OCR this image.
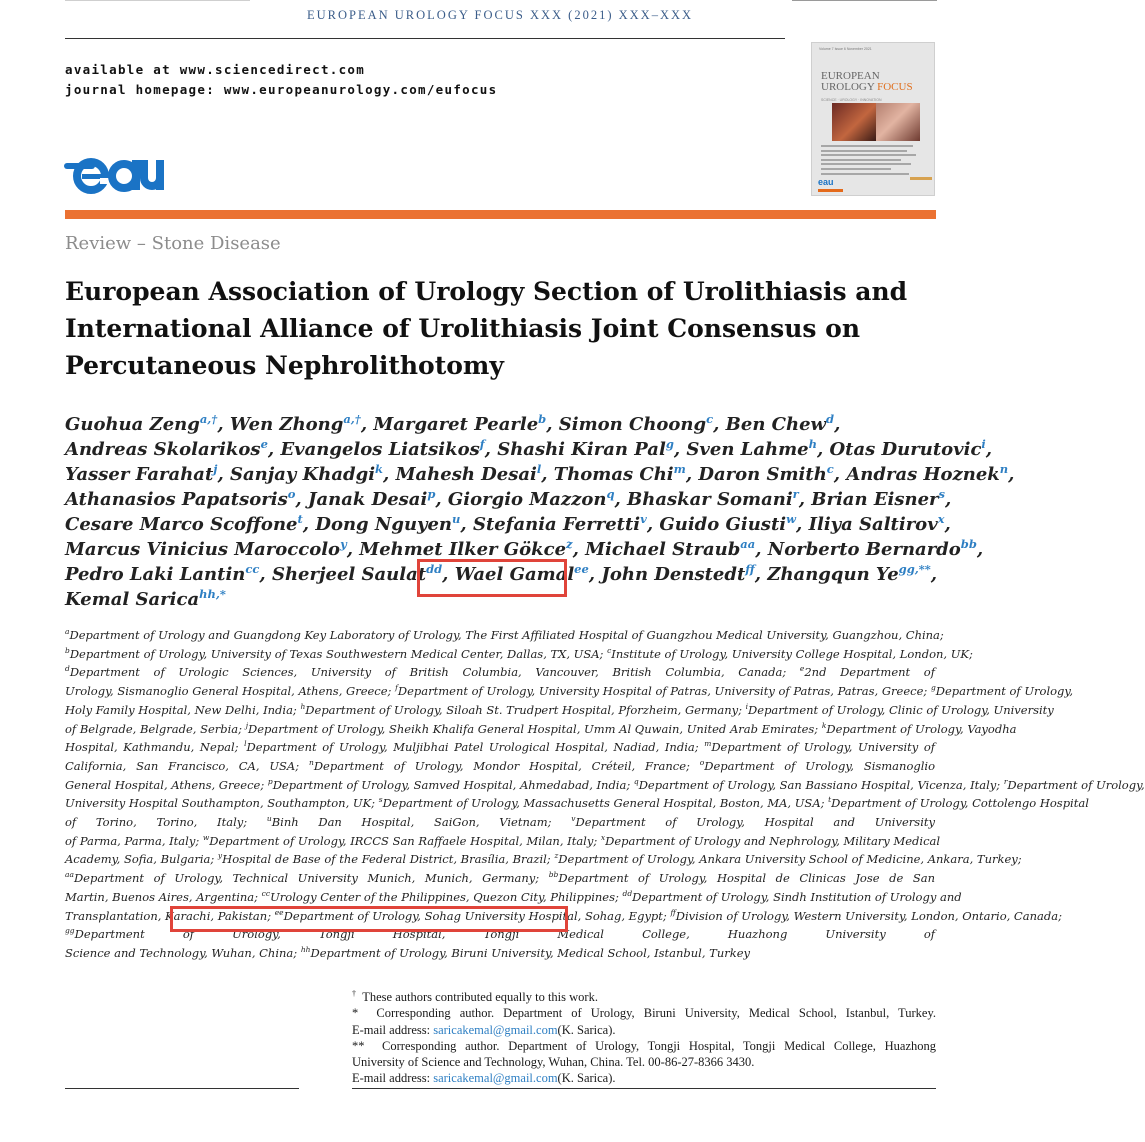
EUROPEAN UROLOGY FOCUS XXX (2021) XXX–XXX
available at www.sciencedirect.com
journal homepage: www.europeanurology.com/eufocus
Volume 7 Issue 6 November 2021
EUROPEAN
UROLOGY FOCUS
SCIENCE · UROLOGY · INNOVATION
eau
Review – Stone Disease
European Association of Urology Section of Urolithiasis and
International Alliance of Urolithiasis Joint Consensus on
Percutaneous Nephrolithotomy
Guohua Zeng$^{a,\dagger}$, Wen Zhong$^{a,\dagger}$, Margaret Pearle$^b$, Simon Choong$^c$, Ben Chew$^d$,
Andreas Skolarikos$^e$, Evangelos Liatsikos$^f$, Shashi Kiran Pal$^g$, Sven Lahme$^h$, Otas Durutovic$^i$,
Yasser Farahat$^j$, Sanjay Khadgi$^k$, Mahesh Desai$^l$, Thomas Chi$^m$, Daron Smith$^c$, Andras Hoznek$^n$,
Athanasios Papatsoris$^o$, Janak Desai$^p$, Giorgio Mazzon$^q$, Bhaskar Somani$^r$, Brian Eisner$^s$,
Cesare Marco Scoffone$^t$, Dong Nguyen$^u$, Stefania Ferretti$^v$, Guido Giusti$^w$, Iliya Saltirov$^x$,
Marcus Vinicius Maroccolo$^y$, Mehmet Ilker Gökce$^z$, Michael Straub$^{aa}$, Norberto Bernardo$^{bb}$,
Pedro Laki Lantin$^{cc}$, Sherjeel Saulat$^{dd}$, Wael Gamal$^{ee}$, John Denstedt$^{ff}$, Zhangqun $Ye^{gg,**}$,
Kemal Sarica$^{hh,*}$
$^a$Department of Urology and Guangdong Key Laboratory of Urology, The First Affiliated Hospital of Guangzhou Medical University, Guangzhou, China;
$^b$Department of Urology, University of Texas Southwestern Medical Center, Dallas, TX, USA; $^c$Institute of Urology, University College Hospital, London, UK;
$^d$Department of Urologic Sciences, University of British Columbia, Vancouver, British Columbia, Canada; $^e$2nd Department of
Urology, Sismanoglio General Hospital, Athens, Greece; $^f$Department of Urology, University Hospital of Patras, University of Patras, Patras, Greece; $^g$Department of Urology,
Holy Family Hospital, New Delhi, India; $^h$Department of Urology, Siloah St. Trudpert Hospital, Pforzheim, Germany; $^i$Department of Urology, Clinic of Urology, University
of Belgrade, Belgrade, Serbia; $^j$Department of Urology, Sheikh Khalifa General Hospital, Umm Al Quwain, United Arab Emirates; $^k$Department of Urology, Vayodha
Hospital, Kathmandu, Nepal; $^l$Department of Urology, Muljibhai Patel Urological Hospital, Nadiad, India; $^m$Department of Urology, University of
California, San Francisco, CA, USA; $^n$Department of Urology, Mondor Hospital, Créteil, France; $^o$Department of Urology, Sismanoglio
General Hospital, Athens, Greece; $^p$Department of Urology, Samved Hospital, Ahmedabad, India; $^q$Department of Urology, San Bassiano Hospital, Vicenza, Italy; $^r$Department of Urology,
University Hospital Southampton, Southampton, UK; $^s$Department of Urology, Massachusetts General Hospital, Boston, MA, USA; $^t$Department of Urology, Cottolengo Hospital
of Torino, Torino, Italy;	$^u$Binh Dan Hospital, SaiGon, Vietnam;	$^v$Department of Urology, Hospital and University
of Parma, Parma, Italy; $^w$Department of Urology, IRCCS San Raffaele Hospital, Milan, Italy; $^x$Department of Urology and Nephrology, Military Medical
Academy, Sofia, Bulgaria; $^y$Hospital de Base of the Federal District, Brasília, Brazil; $^z$Department of Urology, Ankara University School of Medicine, Ankara, Turkey;
$^{aa}$Department of Urology, Technical University Munich, Munich, Germany; $^{bb}$Department of Urology, Hospital de Clinicas Jose de San
Martin, Buenos Aires, Argentina; $^{cc}$Urology Center of the Philippines, Quezon City, Philippines; $^{dd}$Department of Urology, Sindh Institution of Urology and
Transplantation, Karachi, Pakistan; $^{ee}$Department of Urology, Sohag University Hospital, Sohag, Egypt; $^{ff}$Division of Urology, Western University, London, Ontario, Canada;
$^{gg}$Department of Urology, Tongji Hospital, Tongji Medical College, Huazhong University of
Science and Technology, Wuhan, China; $^{hh}$Department of Urology, Biruni University, Medical School, Istanbul, Turkey
† These authors contributed equally to this work.
* Corresponding author. Department of Urology, Biruni University, Medical School, Istanbul, Turkey.
E-mail address: saricakemal@gmail.com(K. Sarica).
** Corresponding author. Department of Urology, Tongji Hospital, Tongji Medical College, Huazhong
University of Science and Technology, Wuhan, China. Tel. 00-86-27-8366 3430.
E-mail address: saricakemal@gmail.com(K. Sarica).
